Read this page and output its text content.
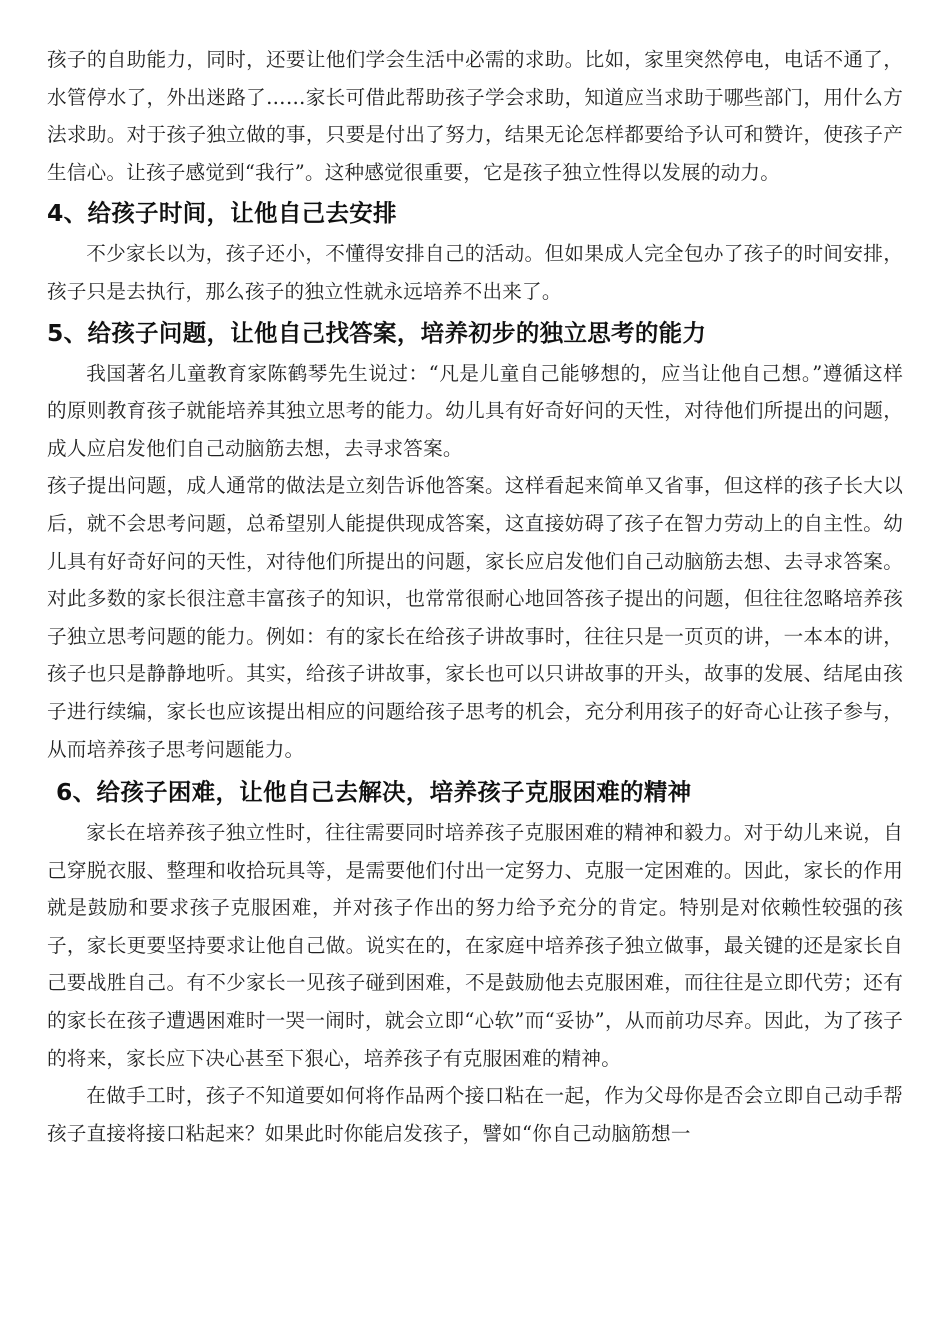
孩子的自助能力，同时，还要让他们学会生活中必需的求助。比如，家里突然停电，电话不通了，水管停水了，外出迷路了……家长可借此帮助孩子学会求助，知道应当求助于哪些部门，用什么方法求助。对于孩子独立做的事，只要是付出了努力，结果无论怎样都要给予认可和赞许，使孩子产生信心。让孩子感觉到“我行”。这种感觉很重要，它是孩子独立性得以发展的动力。

4、给孩子时间，让他自己去安排

不少家长以为，孩子还小，不懂得安排自己的活动。但如果成人完全包办了孩子的时间安排，孩子只是去执行，那么孩子的独立性就永远培养不出来了。

5、给孩子问题，让他自己找答案，培养初步的独立思考的能力

我国著名儿童教育家陈鹤琴先生说过：“凡是儿童自己能够想的，应当让他自己想。”遵循这样的原则教育孩子就能培养其独立思考的能力。幼儿具有好奇好问的天性，对待他们所提出的问题，成人应启发他们自己动脑筋去想，去寻求答案。

孩子提出问题，成人通常的做法是立刻告诉他答案。这样看起来简单又省事，但这样的孩子长大以后，就不会思考问题，总希望别人能提供现成答案，这直接妨碍了孩子在智力劳动上的自主性。幼儿具有好奇好问的天性，对待他们所提出的问题，家长应启发他们自己动脑筋去想、去寻求答案。对此多数的家长很注意丰富孩子的知识，也常常很耐心地回答孩子提出的问题，但往往忽略培养孩子独立思考问题的能力。例如：有的家长在给孩子讲故事时，往往只是一页页的讲，一本本的讲，孩子也只是静静地听。其实，给孩子讲故事，家长也可以只讲故事的开头，故事的发展、结尾由孩子进行续编，家长也应该提出相应的问题给孩子思考的机会，充分利用孩子的好奇心让孩子参与，从而培养孩子思考问题能力。

6、给孩子困难，让他自己去解决，培养孩子克服困难的精神

家长在培养孩子独立性时，往往需要同时培养孩子克服困难的精神和毅力。对于幼儿来说，自己穿脱衣服、整理和收拾玩具等，是需要他们付出一定努力、克服一定困难的。因此，家长的作用就是鼓励和要求孩子克服困难，并对孩子作出的努力给予充分的肯定。特别是对依赖性较强的孩子，家长更要坚持要求让他自己做。说实在的，在家庭中培养孩子独立做事，最关键的还是家长自己要战胜自己。有不少家长一见孩子碰到困难，不是鼓励他去克服困难，而往往是立即代劳；还有的家长在孩子遭遇困难时一哭一闹时，就会立即“心软”而“妥协”，从而前功尽弃。因此，为了孩子的将来，家长应下决心甚至下狠心，培养孩子有克服困难的精神。

在做手工时，孩子不知道要如何将作品两个接口粘在一起，作为父母你是否会立即自己动手帮孩子直接将接口粘起来？如果此时你能启发孩子，譬如“你自己动脑筋想一
